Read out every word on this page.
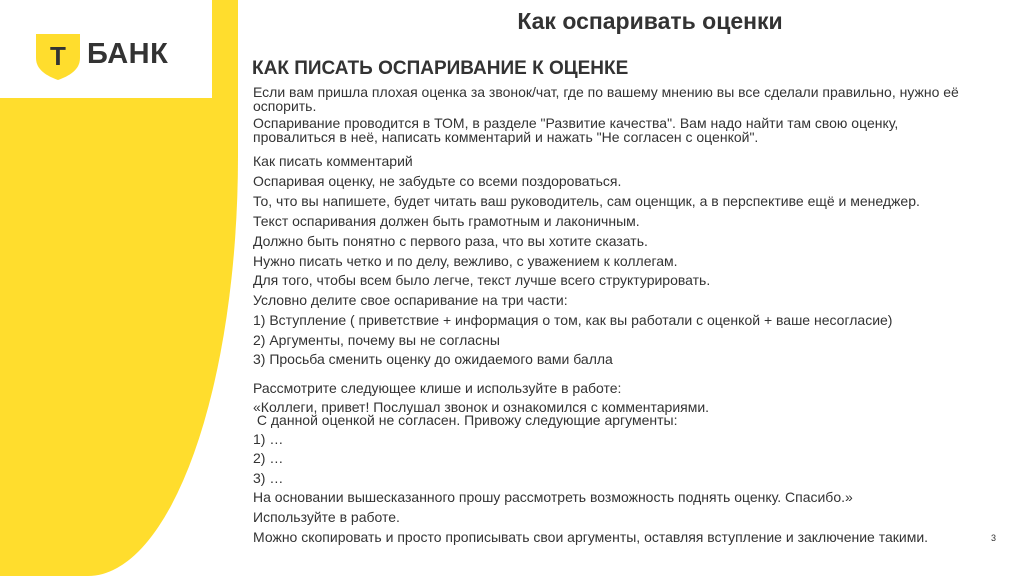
Т БАНК
Как оспаривать оценки
КАК ПИСАТЬ ОСПАРИВАНИЕ К ОЦЕНКЕ
Если вам пришла плохая оценка за звонок/чат, где по вашему мнению вы все сделали правильно, нужно её оспорить.
Оспаривание проводится в ТОМ, в разделе "Развитие качества". Вам надо найти там свою оценку, провалиться в неё, написать комментарий и нажать "Не согласен с оценкой".
Как писать комментарий
Оспаривая оценку, не забудьте со всеми поздороваться.
То, что вы напишете, будет читать ваш руководитель, сам оценщик, а в перспективе ещё и менеджер.
Текст оспаривания должен быть грамотным и лаконичным.
Должно быть понятно с первого раза, что вы хотите сказать.
Нужно писать четко и по делу, вежливо, с уважением к коллегам.
Для того, чтобы всем было легче, текст лучше всего структурировать.
Условно делите свое оспаривание на три части:
1) Вступление ( приветствие + информация о том, как вы работали с оценкой + ваше несогласие)
2) Аргументы, почему вы не согласны
3) Просьба сменить оценку до ожидаемого вами балла
Рассмотрите следующее клише и используйте в работе:
«Коллеги, привет! Послушал звонок и ознакомился с комментариями.
С данной оценкой не согласен. Привожу следующие аргументы:
1) …
2) …
3) …
На основании вышесказанного прошу рассмотреть возможность поднять оценку. Спасибо.»
Используйте в работе.
Можно скопировать и просто прописывать свои аргументы, оставляя вступление и заключение такими.	3
